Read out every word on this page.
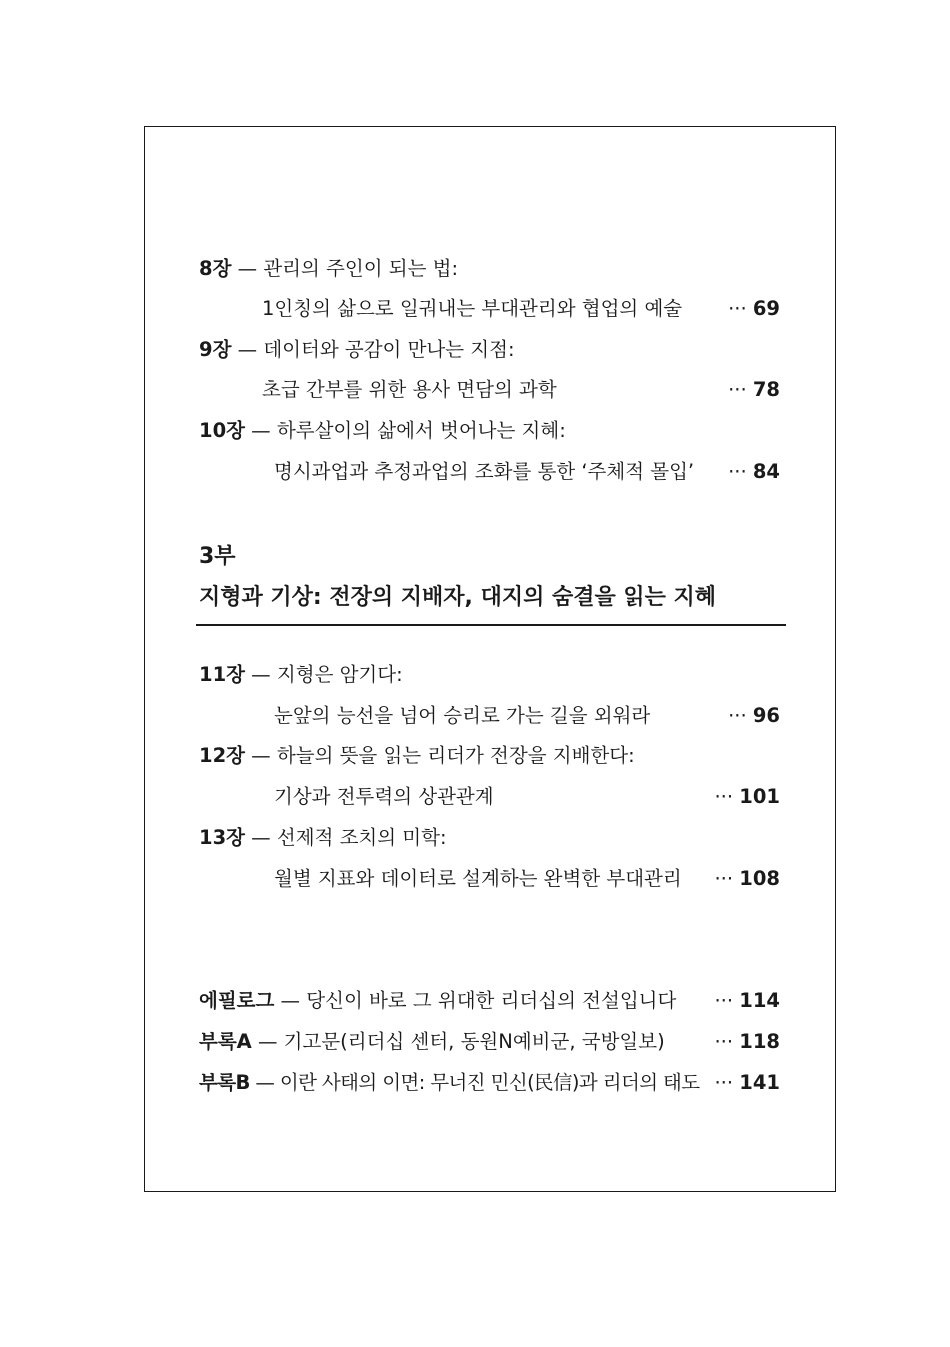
8장 — 관리의 주인이 되는 법:
1인칭의 삶으로 일궈내는 부대관리와 협업의 예술	··· 69
9장 — 데이터와 공감이 만나는 지점:
초급 간부를 위한 용사 면담의 과학	··· 78
10장 — 하루살이의 삶에서 벗어나는 지혜:
명시과업과 추정과업의 조화를 통한 ‘주체적 몰입’	··· 84
3부
지형과 기상: 전장의 지배자, 대지의 숨결을 읽는 지혜
11장 — 지형은 암기다:
눈앞의 능선을 넘어 승리로 가는 길을 외워라	··· 96
12장 — 하늘의 뜻을 읽는 리더가 전장을 지배한다:
기상과 전투력의 상관관계	··· 101
13장 — 선제적 조치의 미학:
월별 지표와 데이터로 설계하는 완벽한 부대관리	··· 108
에필로그 — 당신이 바로 그 위대한 리더십의 전설입니다	··· 114
부록A — 기고문(리더십 센터, 동원N예비군, 국방일보)	··· 118
부록B — 이란 사태의 이면: 무너진 민신(民信)과 리더의 태도 ··· 141
